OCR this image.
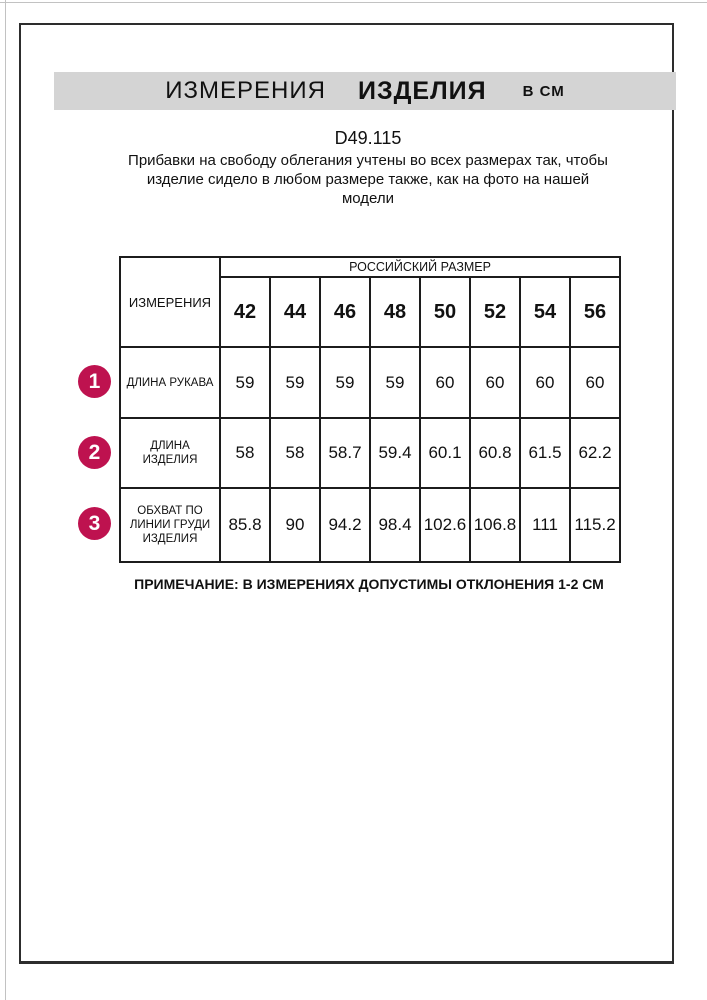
ИЗМЕРЕНИЯ ИЗДЕЛИЯ В СМ
D49.115
Прибавки на свободу облегания учтены во всех размерах так, чтобы
изделие сидело в любом размере также, как на фото на нашей
модели
ИЗМЕРЕНИЯ	РОССИЙСКИЙ РАЗМЕР							
	42	44	46	48	50	52	54	56

ДЛИНА РУКАВА	59	59	59	59	60	60	60	60

ДЛИНА
ИЗДЕЛИЯ	58	58	58.7	59.4	60.1	60.8	61.5	62.2

ОБХВАТ ПО
ЛИНИИ ГРУДИ
ИЗДЕЛИЯ	85.8	90	94.2	98.4	102.6	106.8	111	115.2
ПРИМЕЧАНИЕ: В ИЗМЕРЕНИЯХ ДОПУСТИМЫ ОТКЛОНЕНИЯ 1-2 СМ
1
2
3
